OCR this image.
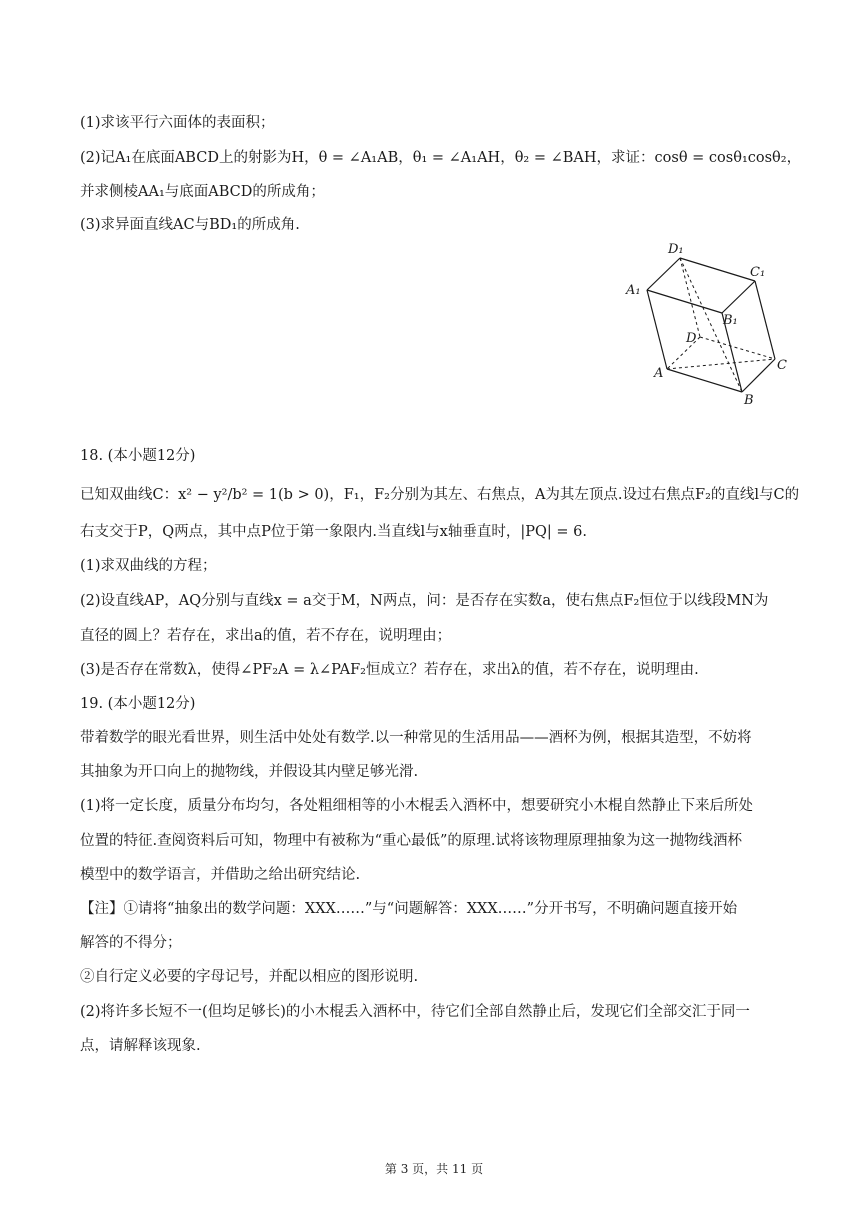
(1)求该平行六面体的表面积；
(2)记A₁在底面ABCD上的射影为H，θ = ∠A₁AB，θ₁ = ∠A₁AH，θ₂ = ∠BAH，求证：cosθ = cosθ₁cosθ₂，
并求侧棱AA₁与底面ABCD的所成角；
(3)求异面直线AC与BD₁的所成角.
D₁
C₁
A₁
B₁
D
A
C
B
18. (本小题12分)
已知双曲线C：x² − y²/b² = 1(b > 0)，F₁，F₂分别为其左、右焦点，A为其左顶点.设过右焦点F₂的直线l与C的
右支交于P，Q两点，其中点P位于第一象限内.当直线l与x轴垂直时，|PQ| = 6.
(1)求双曲线的方程；
(2)设直线AP，AQ分别与直线x = a交于M，N两点，问：是否存在实数a，使右焦点F₂恒位于以线段MN为
直径的圆上？若存在，求出a的值，若不存在，说明理由；
(3)是否存在常数λ，使得∠PF₂A = λ∠PAF₂恒成立？若存在，求出λ的值，若不存在，说明理由.
19. (本小题12分)
带着数学的眼光看世界，则生活中处处有数学.以一种常见的生活用品——酒杯为例，根据其造型，不妨将
其抽象为开口向上的抛物线，并假设其内壁足够光滑.
(1)将一定长度，质量分布均匀，各处粗细相等的小木棍丢入酒杯中，想要研究小木棍自然静止下来后所处
位置的特征.查阅资料后可知，物理中有被称为“重心最低”的原理.试将该物理原理抽象为这一抛物线酒杯
模型中的数学语言，并借助之给出研究结论.
【注】①请将“抽象出的数学问题：XXX……”与“问题解答：XXX……”分开书写，不明确问题直接开始
解答的不得分；
②自行定义必要的字母记号，并配以相应的图形说明.
(2)将许多长短不一(但均足够长)的小木棍丢入酒杯中，待它们全部自然静止后，发现它们全部交汇于同一
点，请解释该现象.
第 3 页，共 11 页
